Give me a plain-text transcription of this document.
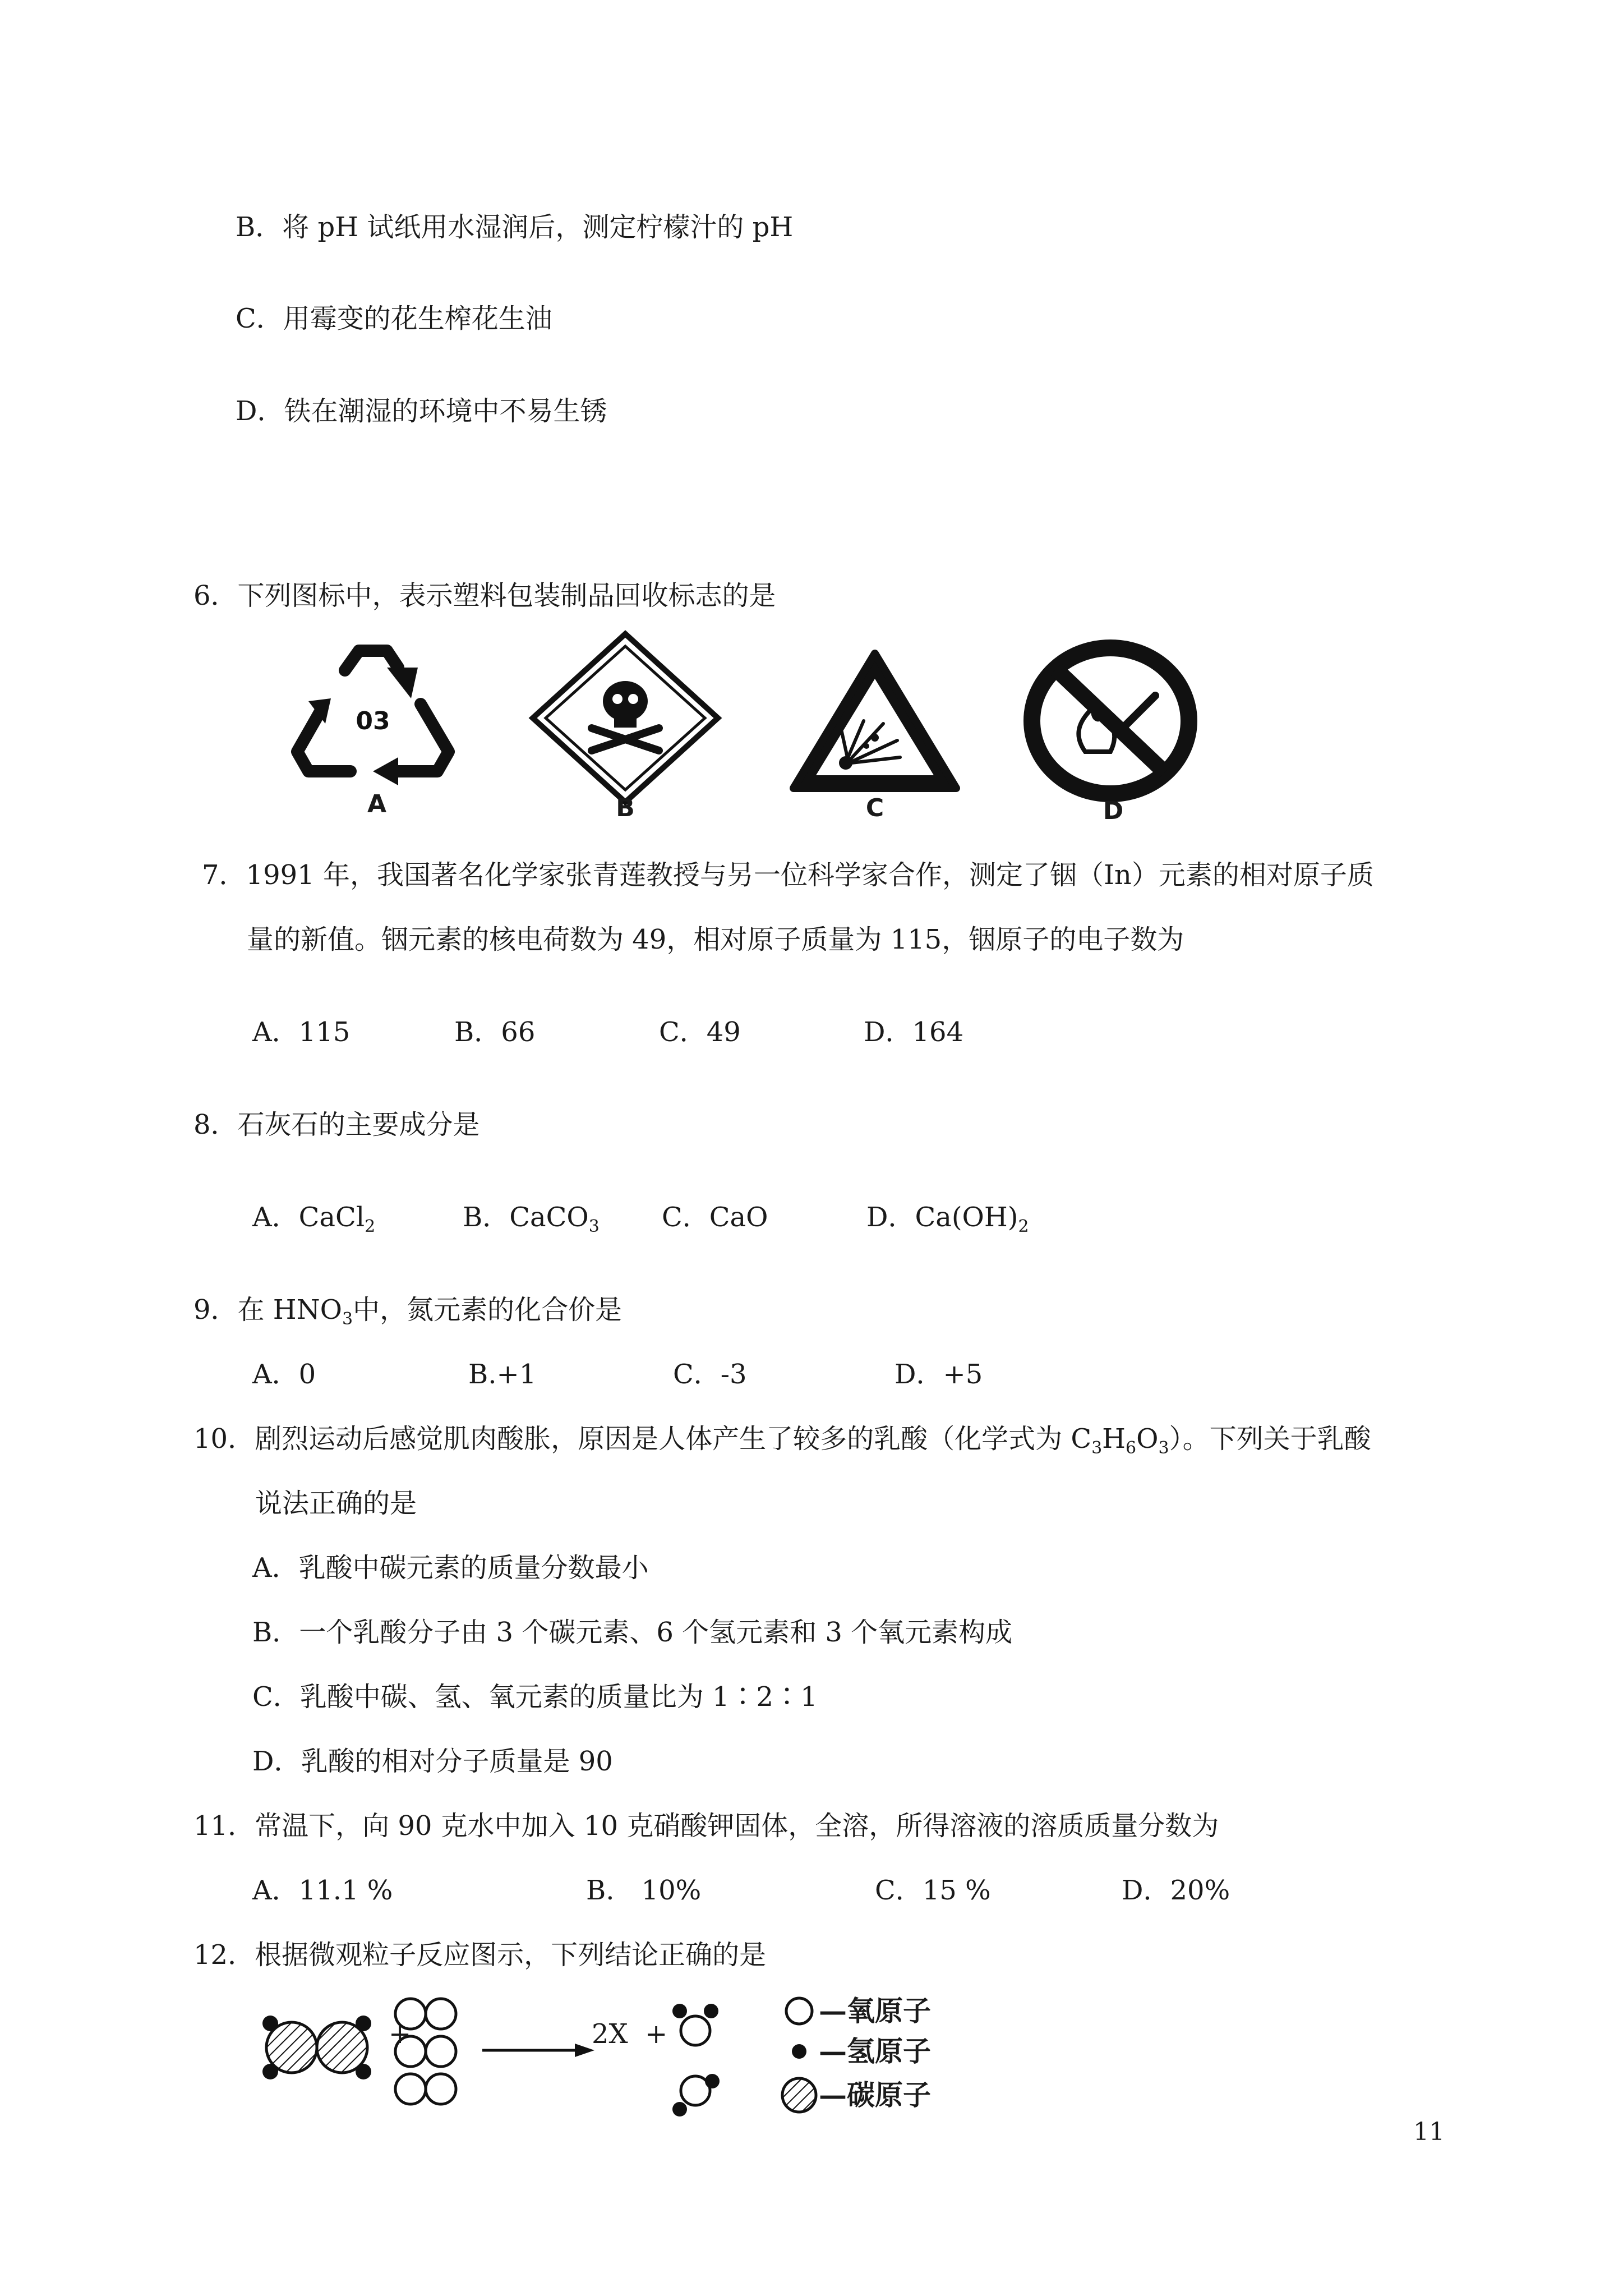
B．将 pH 试纸用水湿润后，测定柠檬汁的 pH
C．用霉变的花生榨花生油
D．铁在潮湿的环境中不易生锈
6．下列图标中，表示塑料包装制品回收标志的是
03
A	B	C	D
7．1991 年，我国著名化学家张青莲教授与另一位科学家合作，测定了铟（In）元素的相对原子质
量的新值。铟元素的核电荷数为 49，相对原子质量为 115，铟原子的电子数为
A．115	B．66	C．49	D．164
8．石灰石的主要成分是
A．CaCl$_2$	B．CaCO$_3$ C．CaO	D．$Ca(OH)_2$
9．在 $HNO_3$中，氮元素的化合价是
A．0	B.+1	C．-3	D．+5
10．剧烈运动后感觉肌肉酸胀，原因是人体产生了较多的乳酸（化学式为 $C_3H_6O_3$）。下列关于乳酸
说法正确的是
A．乳酸中碳元素的质量分数最小
B．一个乳酸分子由 3 个碳元素、6 个氢元素和 3 个氧元素构成
C．乳酸中碳、氢、氧元素的质量比为 1∶2∶1
D．乳酸的相对分子质量是 90
11．常温下，向 90 克水中加入 10 克硝酸钾固体，全溶，所得溶液的溶质质量分数为
A．11.1 %	B.　10%	C．15 %	D．20%
12．根据微观粒子反应图示，下列结论正确的是
+	2X +
—氧原子
—氢原子
—碳原子
11
